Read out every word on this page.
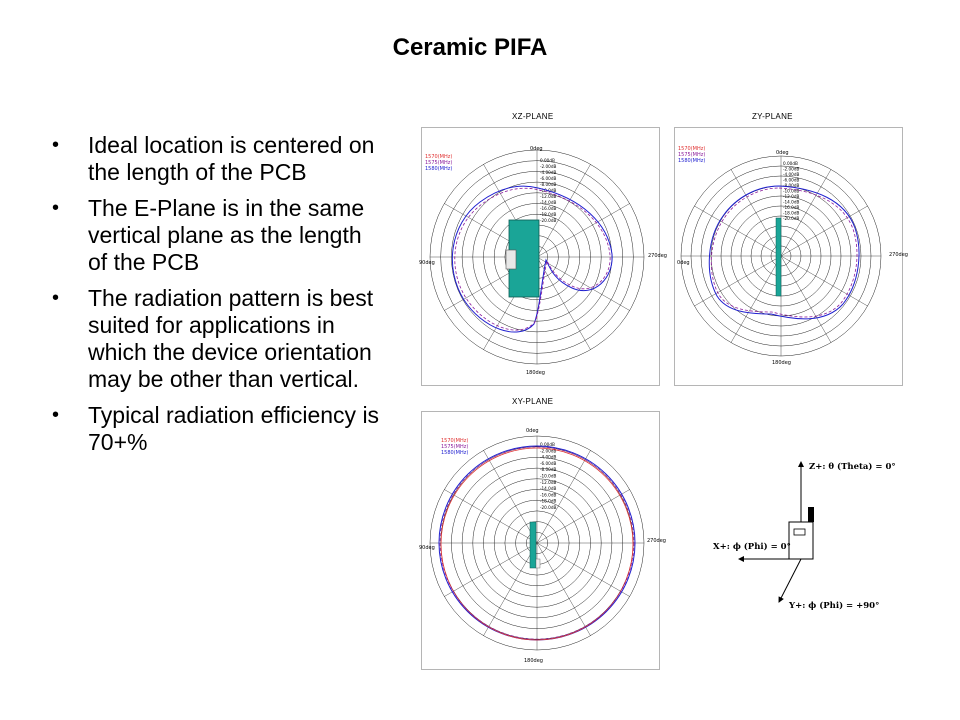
Ceramic PIFA
• Ideal location is centered on the length of the PCB
• The E-Plane is in the same vertical plane as the length of the PCB
• The radiation pattern is best suited for applications in which the device orientation may be other than vertical.
• Typical radiation efficiency is 70+%
XZ-PLANE
0.00dB
-2.00dB
-4.00dB
-6.00dB
-8.00dB
-10.0dB
-12.0dB
-14.0dB
-16.0dB
-18.0dB
-20.0dB
0deg
270deg
180deg
90deg
1570(MHz)
1575(MHz)
1580(MHz)
ZY-PLANE
0.00dB
-2.00dB
-4.00dB
-6.00dB
-8.00dB
-10.0dB
-12.0dB
-14.0dB
-16.0dB
-18.0dB
-20.0dB
0deg
270deg
180deg
0deg
1570(MHz)
1575(MHz)
1580(MHz)
XY-PLANE
0.00dB
-2.00dB
-4.00dB
-6.00dB
-8.00dB
-10.0dB
-12.0dB
-14.0dB
-16.0dB
-18.0dB
-20.0dB
0deg
270deg
180deg
90deg
1570(MHz)
1575(MHz)
1580(MHz)
Z+: θ (Theta) = 0°
X+: ϕ (Phi) = 0°
Y+: ϕ (Phi) = +90°
